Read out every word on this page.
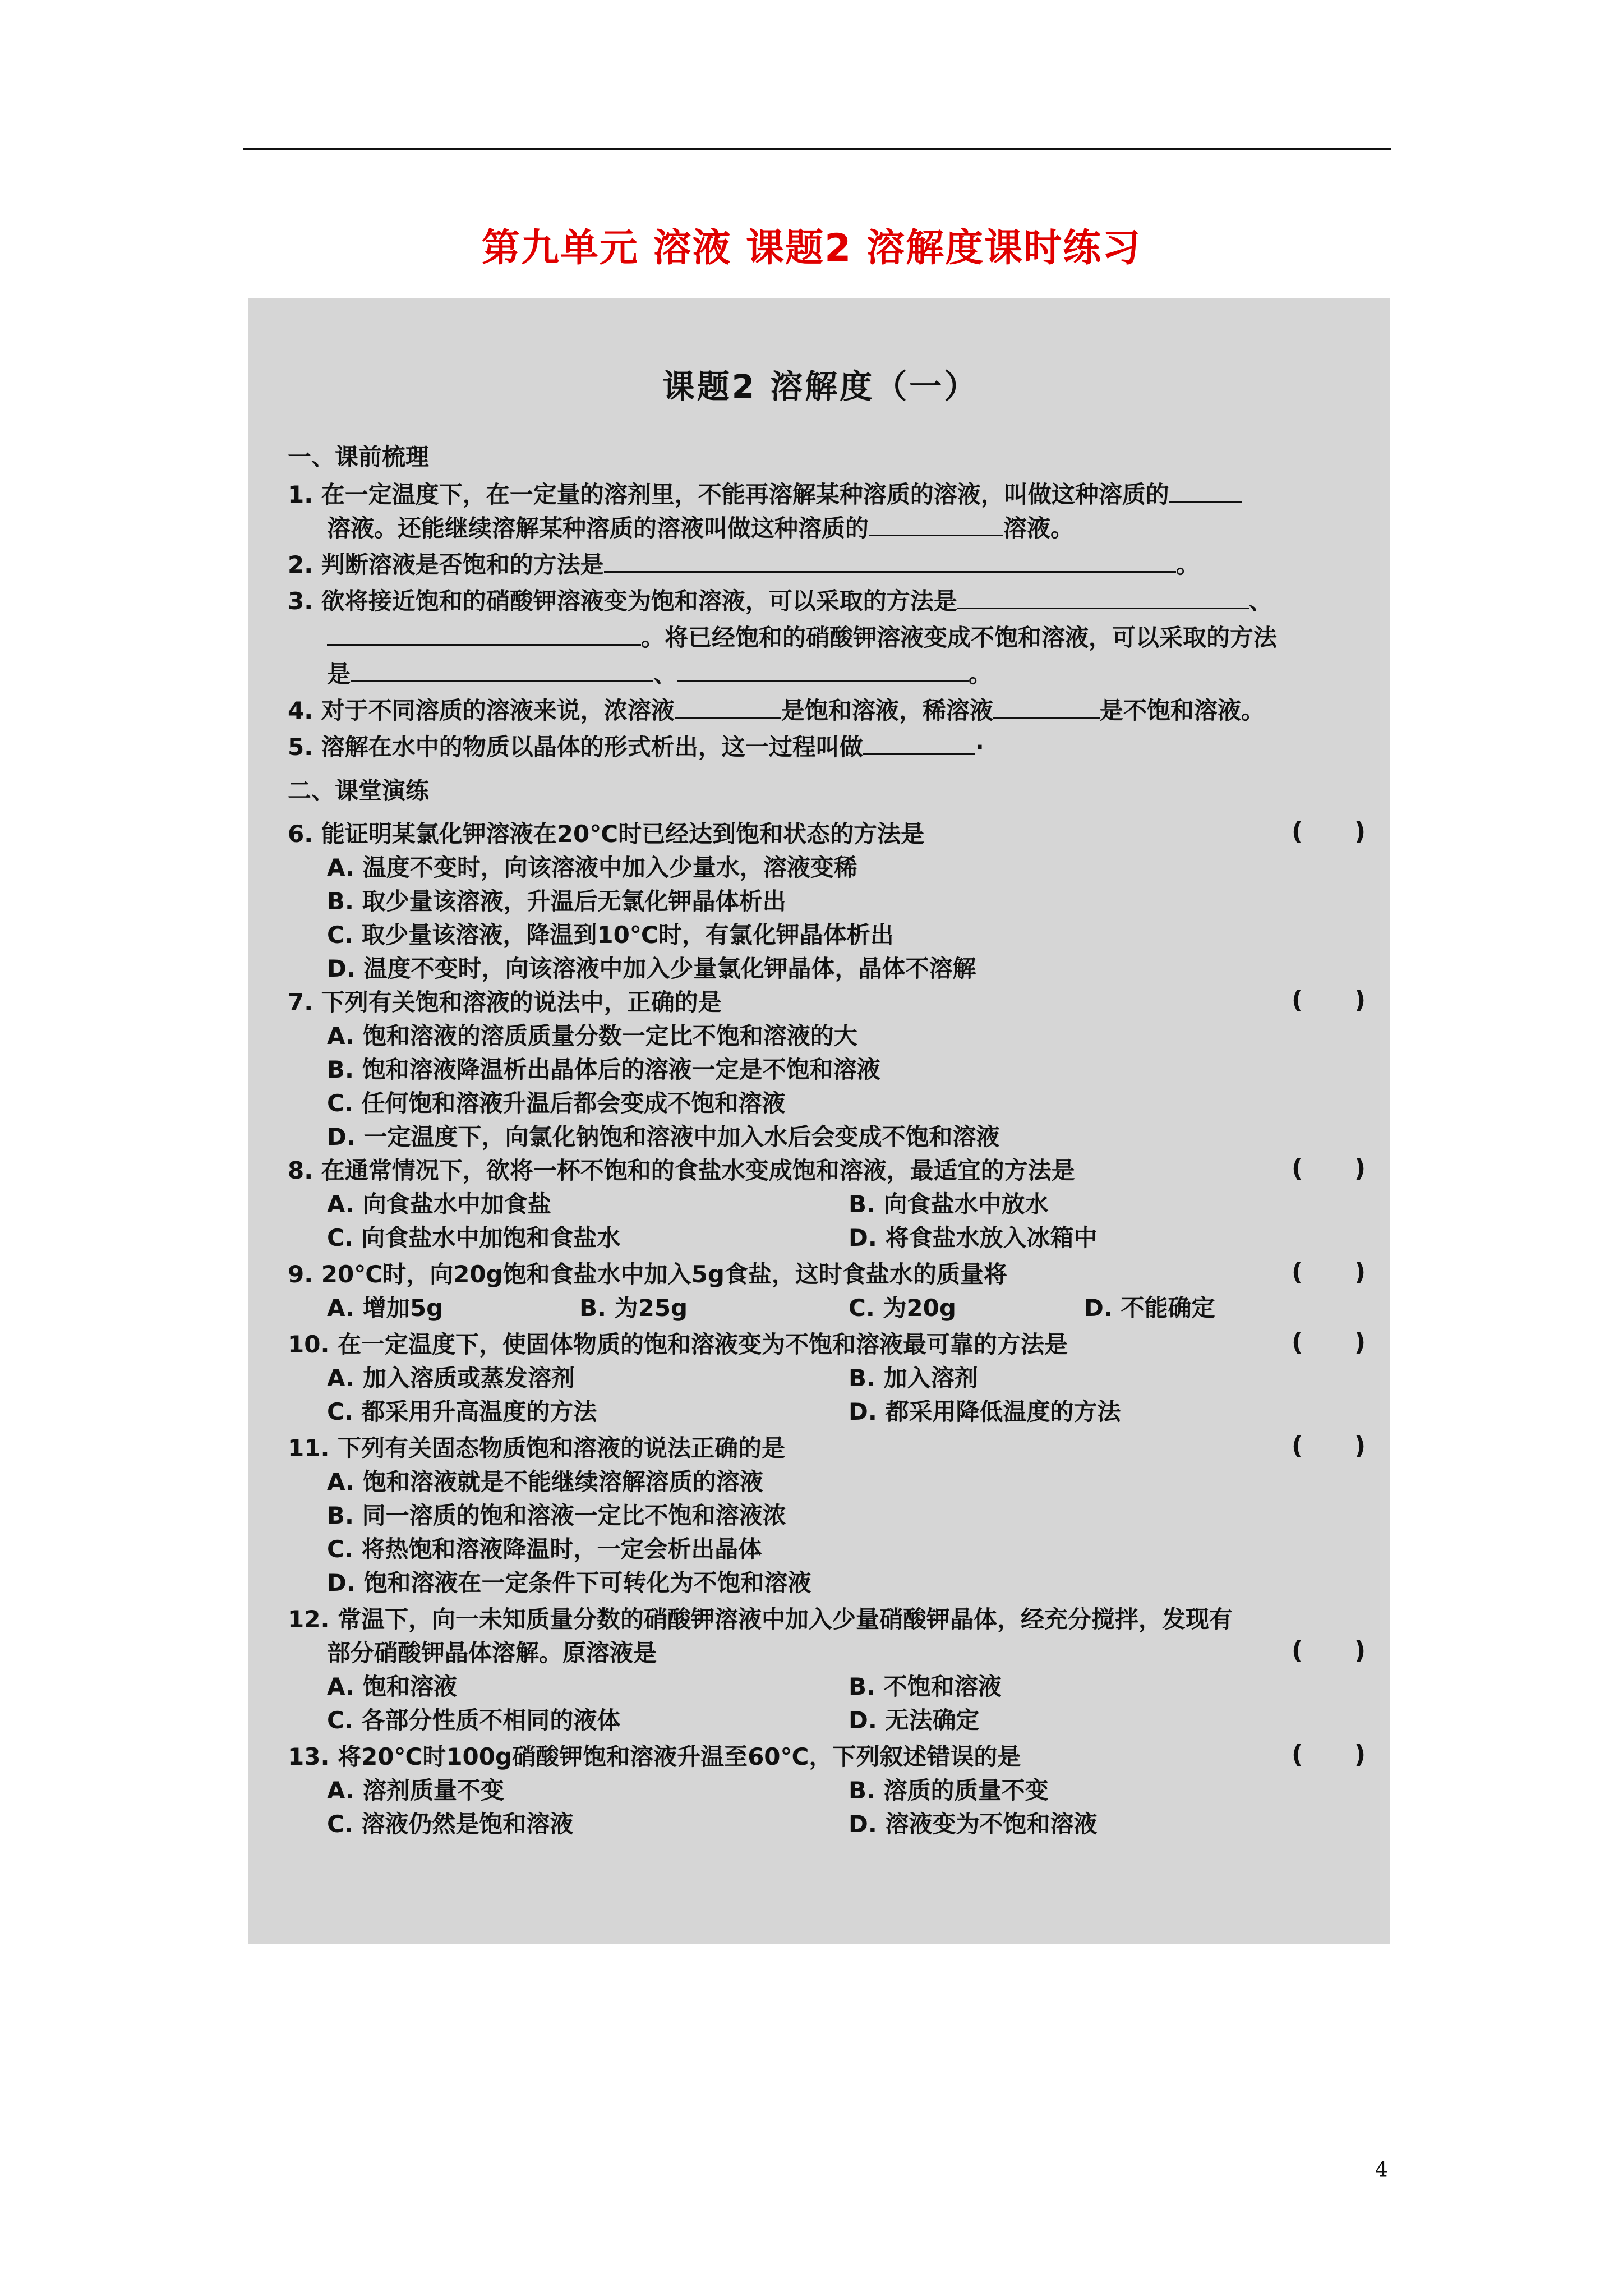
第九单元 溶液 课题2 溶解度课时练习
课题2 溶解度（一）
一、课前梳理
1. 在一定温度下，在一定量的溶剂里，不能再溶解某种溶质的溶液，叫做这种溶质的
溶液。还能继续溶解某种溶质的溶液叫做这种溶质的	溶液。
2. 判断溶液是否饱和的方法是	。
3. 欲将接近饱和的硝酸钾溶液变为饱和溶液，可以采取的方法是	、
。将已经饱和的硝酸钾溶液变成不饱和溶液，可以采取的方法
是	、	。
4. 对于不同溶质的溶液来说，浓溶液	是饱和溶液，稀溶液	是不饱和溶液。
5. 溶解在水中的物质以晶体的形式析出，这一过程叫做	·
二、课堂演练
6. 能证明某氯化钾溶液在20℃时已经达到饱和状态的方法是	(      )
A. 温度不变时，向该溶液中加入少量水，溶液变稀
B. 取少量该溶液，升温后无氯化钾晶体析出
C. 取少量该溶液，降温到10℃时，有氯化钾晶体析出
D. 温度不变时，向该溶液中加入少量氯化钾晶体，晶体不溶解
7. 下列有关饱和溶液的说法中，正确的是	(      )
A. 饱和溶液的溶质质量分数一定比不饱和溶液的大
B. 饱和溶液降温析出晶体后的溶液一定是不饱和溶液
C. 任何饱和溶液升温后都会变成不饱和溶液
D. 一定温度下，向氯化钠饱和溶液中加入水后会变成不饱和溶液
8. 在通常情况下，欲将一杯不饱和的食盐水变成饱和溶液，最适宜的方法是	(      )
A. 向食盐水中加食盐	B. 向食盐水中放水
C. 向食盐水中加饱和食盐水	D. 将食盐水放入冰箱中
9. 20℃时，向20g饱和食盐水中加入5g食盐，这时食盐水的质量将	(      )
A. 增加5g	B. 为25g	C. 为20g	D. 不能确定
10. 在一定温度下，使固体物质的饱和溶液变为不饱和溶液最可靠的方法是	(      )
A. 加入溶质或蒸发溶剂	B. 加入溶剂
C. 都采用升高温度的方法	D. 都采用降低温度的方法
11. 下列有关固态物质饱和溶液的说法正确的是	(      )
A. 饱和溶液就是不能继续溶解溶质的溶液
B. 同一溶质的饱和溶液一定比不饱和溶液浓
C. 将热饱和溶液降温时，一定会析出晶体
D. 饱和溶液在一定条件下可转化为不饱和溶液
12. 常温下，向一未知质量分数的硝酸钾溶液中加入少量硝酸钾晶体，经充分搅拌，发现有
部分硝酸钾晶体溶解。原溶液是	(      )
A. 饱和溶液	B. 不饱和溶液
C. 各部分性质不相同的液体	D. 无法确定
13. 将20℃时100g硝酸钾饱和溶液升温至60℃，下列叙述错误的是	(      )
A. 溶剂质量不变	B. 溶质的质量不变
C. 溶液仍然是饱和溶液	D. 溶液变为不饱和溶液
4
